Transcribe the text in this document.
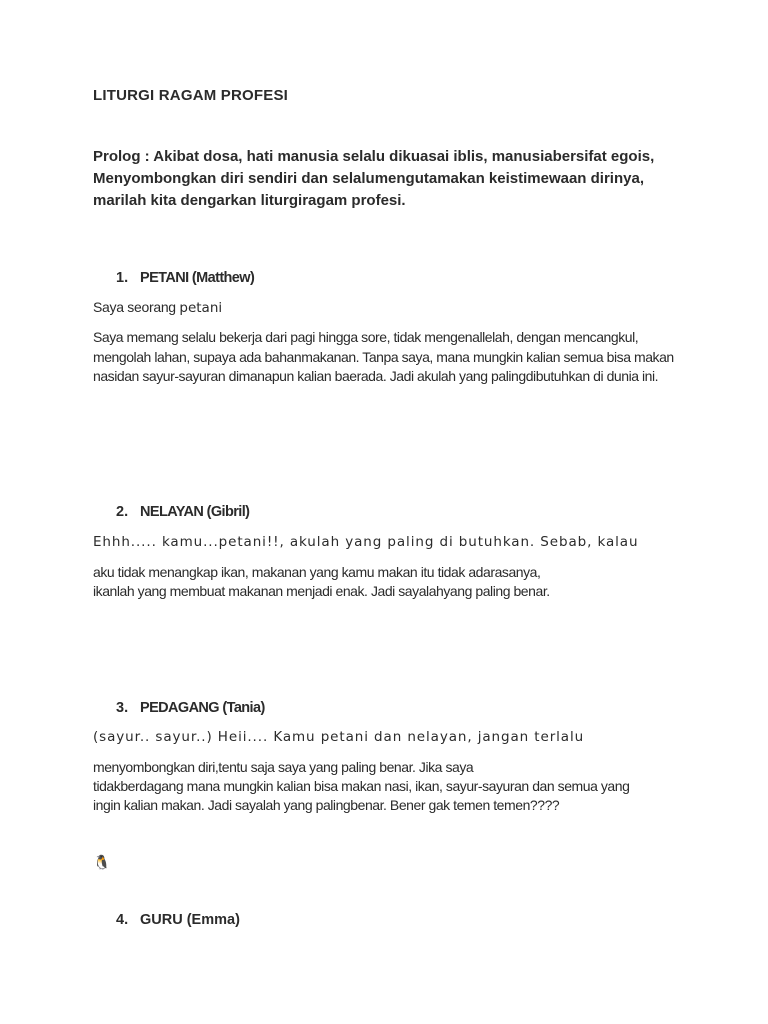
LITURGI RAGAM PROFESI
Prolog : Akibat dosa, hati manusia selalu dikuasai iblis, manusiabersifat egois, Menyombongkan diri sendiri dan selalumengutamakan keistimewaan dirinya, marilah kita dengarkan liturgiragam profesi.
1. PETANI (Matthew)
Saya seorang petani
Saya memang selalu bekerja dari pagi hingga sore, tidak mengenallelah, dengan mencangkul, mengolah lahan, supaya ada bahanmakanan. Tanpa saya, mana mungkin kalian semua bisa makan nasidan sayur-sayuran dimanapun kalian baerada. Jadi akulah yang palingdibutuhkan di dunia ini.
2. NELAYAN (Gibril)
Ehhh..... kamu...petani!!, akulah yang paling di butuhkan. Sebab, kalau
aku tidak menangkap ikan, makanan yang kamu makan itu tidak adarasanya,
ikanlah yang membuat makanan menjadi enak. Jadi sayalahyang paling benar.
3. PEDAGANG (Tania)
(sayur.. sayur..) Heii.... Kamu petani dan nelayan, jangan terlalu
menyombongkan diri,tentu saja saya yang paling benar. Jika saya
tidakberdagang mana mungkin kalian bisa makan nasi, ikan, sayur-sayuran dan semua yang
ingin kalian makan. Jadi sayalah yang palingbenar. Bener gak temen temen????
🐧
4. GURU (Emma)
